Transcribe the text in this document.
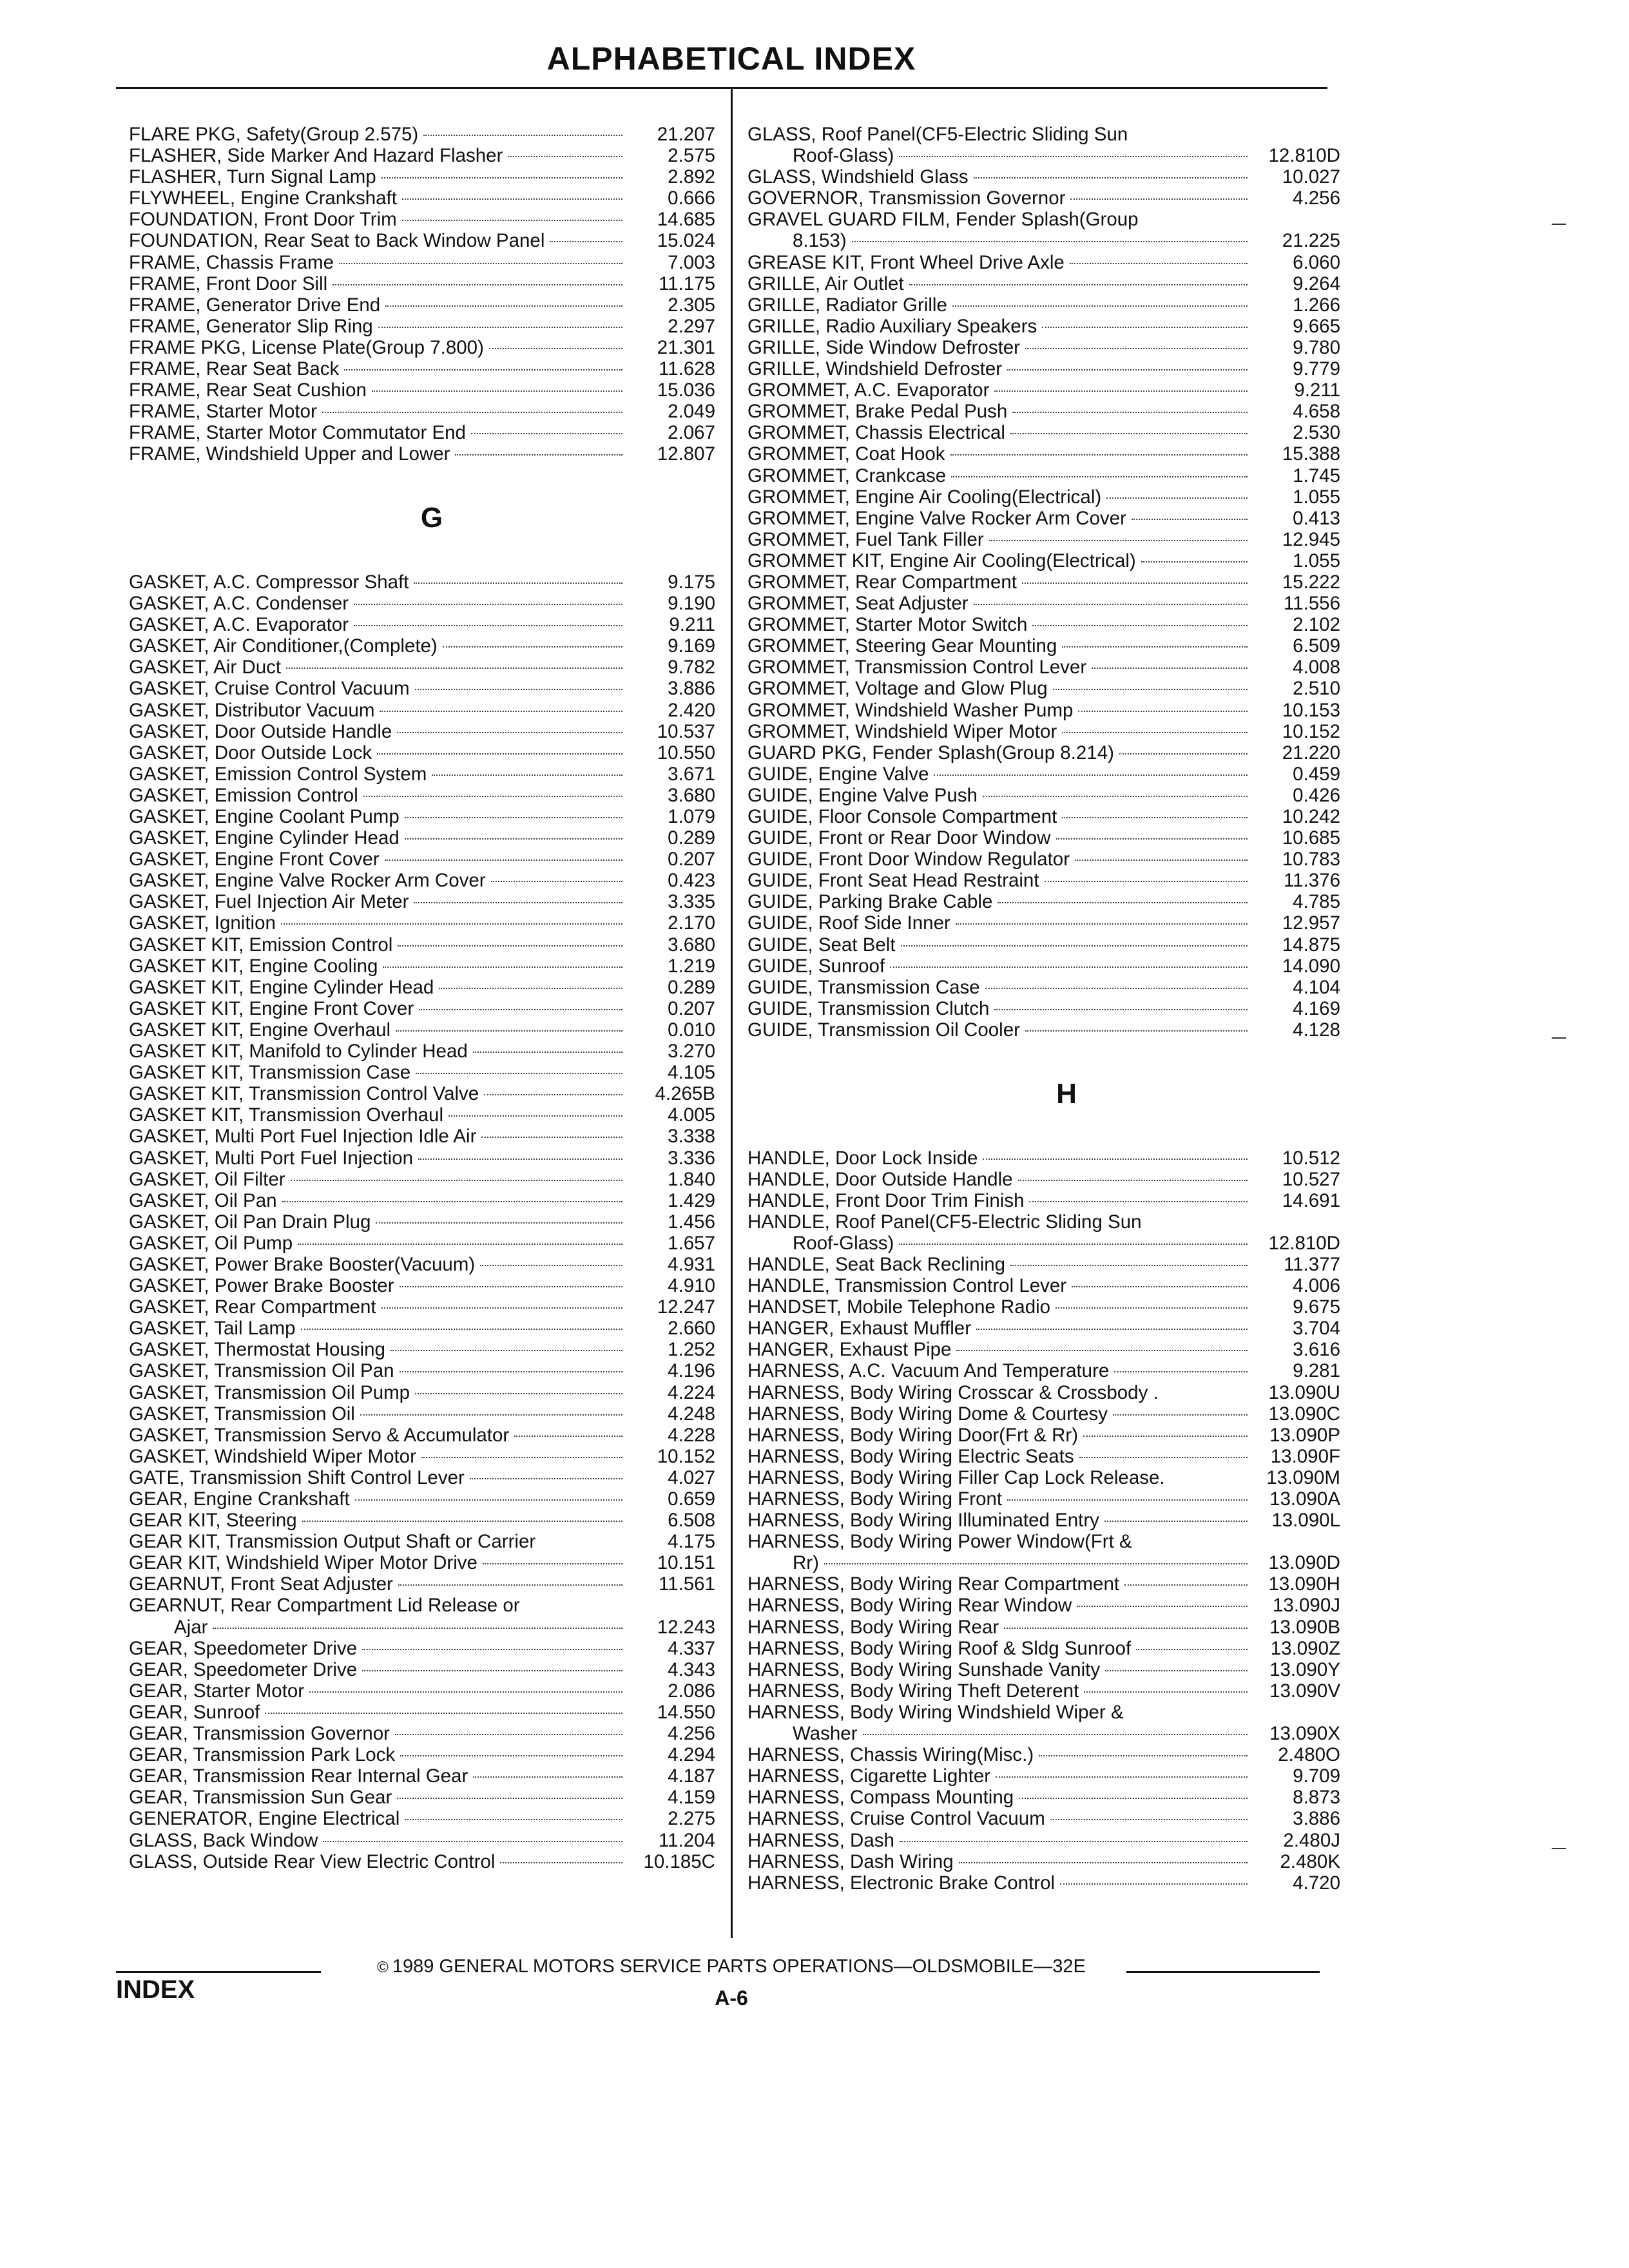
ALPHABETICAL INDEX
FLARE PKG, Safety(Group 2.575)	21.207
FLASHER, Side Marker And Hazard Flasher	2.575
FLASHER, Turn Signal Lamp	2.892
FLYWHEEL, Engine Crankshaft	0.666
FOUNDATION, Front Door Trim	14.685
FOUNDATION, Rear Seat to Back Window Panel	15.024
FRAME, Chassis Frame	7.003
FRAME, Front Door Sill	11.175
FRAME, Generator Drive End	2.305
FRAME, Generator Slip Ring	2.297
FRAME PKG, License Plate(Group 7.800)	21.301
FRAME, Rear Seat Back	11.628
FRAME, Rear Seat Cushion	15.036
FRAME, Starter Motor	2.049
FRAME, Starter Motor Commutator End	2.067
FRAME, Windshield Upper and Lower	12.807
G
GASKET, A.C. Compressor Shaft	9.175
GASKET, A.C. Condenser	9.190
GASKET, A.C. Evaporator	9.211
GASKET, Air Conditioner,(Complete)	9.169
GASKET, Air Duct	9.782
GASKET, Cruise Control Vacuum	3.886
GASKET, Distributor Vacuum	2.420
GASKET, Door Outside Handle	10.537
GASKET, Door Outside Lock	10.550
GASKET, Emission Control System	3.671
GASKET, Emission Control	3.680
GASKET, Engine Coolant Pump	1.079
GASKET, Engine Cylinder Head	0.289
GASKET, Engine Front Cover	0.207
GASKET, Engine Valve Rocker Arm Cover	0.423
GASKET, Fuel Injection Air Meter	3.335
GASKET, Ignition	2.170
GASKET KIT, Emission Control	3.680
GASKET KIT, Engine Cooling	1.219
GASKET KIT, Engine Cylinder Head	0.289
GASKET KIT, Engine Front Cover	0.207
GASKET KIT, Engine Overhaul	0.010
GASKET KIT, Manifold to Cylinder Head	3.270
GASKET KIT, Transmission Case	4.105
GASKET KIT, Transmission Control Valve	4.265B
GASKET KIT, Transmission Overhaul	4.005
GASKET, Multi Port Fuel Injection Idle Air	3.338
GASKET, Multi Port Fuel Injection	3.336
GASKET, Oil Filter	1.840
GASKET, Oil Pan	1.429
GASKET, Oil Pan Drain Plug	1.456
GASKET, Oil Pump	1.657
GASKET, Power Brake Booster(Vacuum)	4.931
GASKET, Power Brake Booster	4.910
GASKET, Rear Compartment	12.247
GASKET, Tail Lamp	2.660
GASKET, Thermostat Housing	1.252
GASKET, Transmission Oil Pan	4.196
GASKET, Transmission Oil Pump	4.224
GASKET, Transmission Oil	4.248
GASKET, Transmission Servo & Accumulator	4.228
GASKET, Windshield Wiper Motor	10.152
GATE, Transmission Shift Control Lever	4.027
GEAR, Engine Crankshaft	0.659
GEAR KIT, Steering	6.508
GEAR KIT, Transmission Output Shaft or Carrier	4.175
GEAR KIT, Windshield Wiper Motor Drive	10.151
GEARNUT, Front Seat Adjuster	11.561
GEARNUT, Rear Compartment Lid Release or
Ajar	12.243
GEAR, Speedometer Drive	4.337
GEAR, Speedometer Drive	4.343
GEAR, Starter Motor	2.086
GEAR, Sunroof	14.550
GEAR, Transmission Governor	4.256
GEAR, Transmission Park Lock	4.294
GEAR, Transmission Rear Internal Gear	4.187
GEAR, Transmission Sun Gear	4.159
GENERATOR, Engine Electrical	2.275
GLASS, Back Window	11.204
GLASS, Outside Rear View Electric Control	10.185C
GLASS, Roof Panel(CF5-Electric Sliding Sun
Roof-Glass)	12.810D
GLASS, Windshield Glass	10.027
GOVERNOR, Transmission Governor	4.256
GRAVEL GUARD FILM, Fender Splash(Group
8.153)	21.225
GREASE KIT, Front Wheel Drive Axle	6.060
GRILLE, Air Outlet	9.264
GRILLE, Radiator Grille	1.266
GRILLE, Radio Auxiliary Speakers	9.665
GRILLE, Side Window Defroster	9.780
GRILLE, Windshield Defroster	9.779
GROMMET, A.C. Evaporator	9.211
GROMMET, Brake Pedal Push	4.658
GROMMET, Chassis Electrical	2.530
GROMMET, Coat Hook	15.388
GROMMET, Crankcase	1.745
GROMMET, Engine Air Cooling(Electrical)	1.055
GROMMET, Engine Valve Rocker Arm Cover	0.413
GROMMET, Fuel Tank Filler	12.945
GROMMET KIT, Engine Air Cooling(Electrical)	1.055
GROMMET, Rear Compartment	15.222
GROMMET, Seat Adjuster	11.556
GROMMET, Starter Motor Switch	2.102
GROMMET, Steering Gear Mounting	6.509
GROMMET, Transmission Control Lever	4.008
GROMMET, Voltage and Glow Plug	2.510
GROMMET, Windshield Washer Pump	10.153
GROMMET, Windshield Wiper Motor	10.152
GUARD PKG, Fender Splash(Group 8.214)	21.220
GUIDE, Engine Valve	0.459
GUIDE, Engine Valve Push	0.426
GUIDE, Floor Console Compartment	10.242
GUIDE, Front or Rear Door Window	10.685
GUIDE, Front Door Window Regulator	10.783
GUIDE, Front Seat Head Restraint	11.376
GUIDE, Parking Brake Cable	4.785
GUIDE, Roof Side Inner	12.957
GUIDE, Seat Belt	14.875
GUIDE, Sunroof	14.090
GUIDE, Transmission Case	4.104
GUIDE, Transmission Clutch	4.169
GUIDE, Transmission Oil Cooler	4.128
H
HANDLE, Door Lock Inside	10.512
HANDLE, Door Outside Handle	10.527
HANDLE, Front Door Trim Finish	14.691
HANDLE, Roof Panel(CF5-Electric Sliding Sun
Roof-Glass)	12.810D
HANDLE, Seat Back Reclining	11.377
HANDLE, Transmission Control Lever	4.006
HANDSET, Mobile Telephone Radio	9.675
HANGER, Exhaust Muffler	3.704
HANGER, Exhaust Pipe	3.616
HARNESS, A.C. Vacuum And Temperature	9.281
HARNESS, Body Wiring Crosscar & Crossbody .	13.090U
HARNESS, Body Wiring Dome & Courtesy	13.090C
HARNESS, Body Wiring Door(Frt & Rr)	13.090P
HARNESS, Body Wiring Electric Seats	13.090F
HARNESS, Body Wiring Filler Cap Lock Release.	13.090M
HARNESS, Body Wiring Front	13.090A
HARNESS, Body Wiring Illuminated Entry	13.090L
HARNESS, Body Wiring Power Window(Frt &
Rr)	13.090D
HARNESS, Body Wiring Rear Compartment	13.090H
HARNESS, Body Wiring Rear Window	13.090J
HARNESS, Body Wiring Rear	13.090B
HARNESS, Body Wiring Roof & Sldg Sunroof	13.090Z
HARNESS, Body Wiring Sunshade Vanity	13.090Y
HARNESS, Body Wiring Theft Deterent	13.090V
HARNESS, Body Wiring Windshield Wiper &
Washer	13.090X
HARNESS, Chassis Wiring(Misc.)	2.480O
HARNESS, Cigarette Lighter	9.709
HARNESS, Compass Mounting	8.873
HARNESS, Cruise Control Vacuum	3.886
HARNESS, Dash	2.480J
HARNESS, Dash Wiring	2.480K
HARNESS, Electronic Brake Control	4.720
© 1989 GENERAL MOTORS SERVICE PARTS OPERATIONS—OLDSMOBILE—32E
INDEX	A-6
